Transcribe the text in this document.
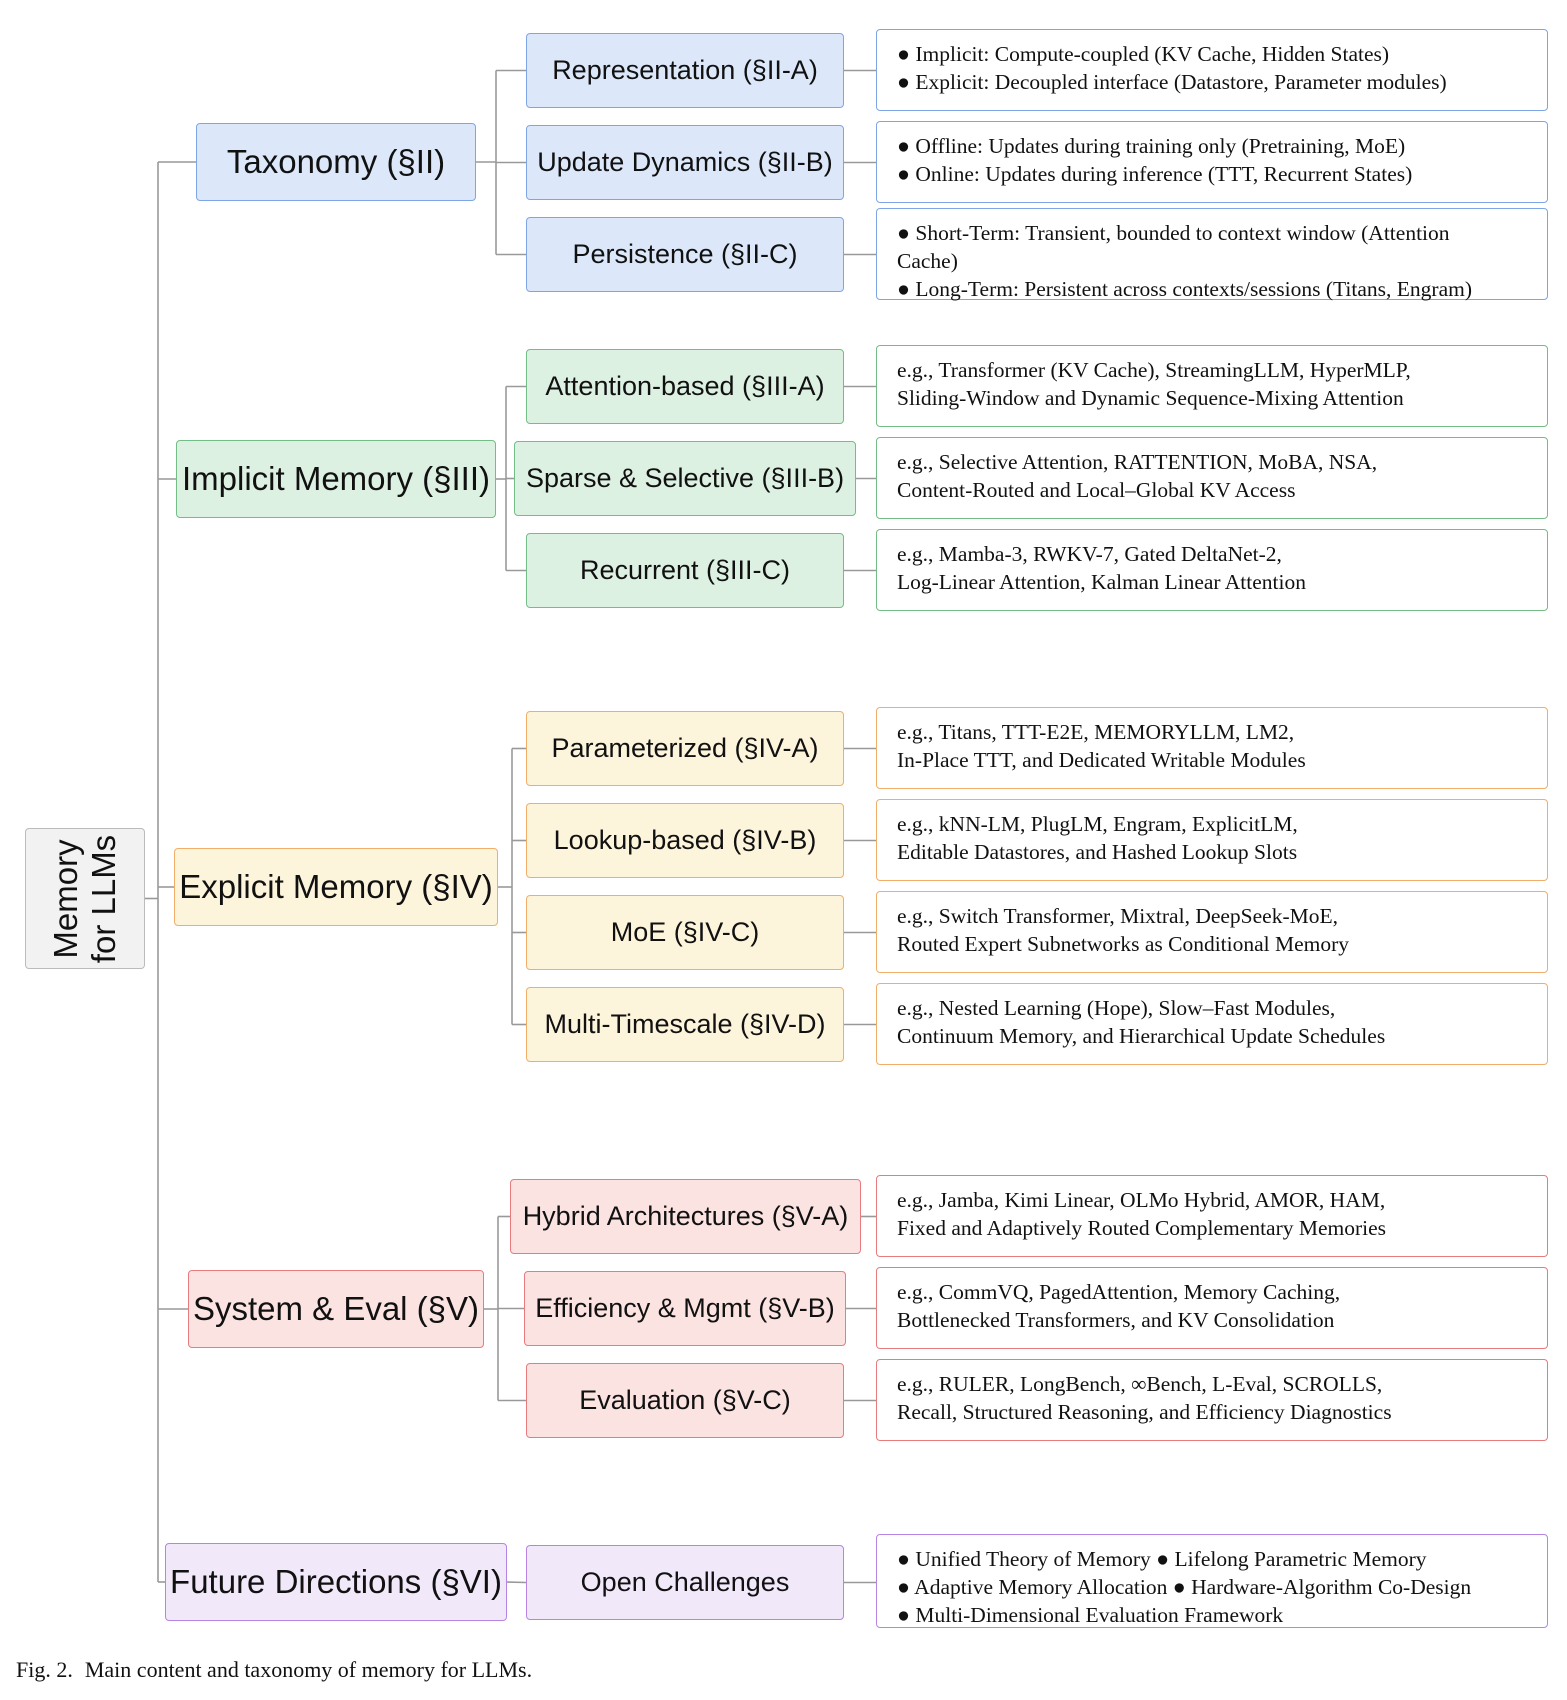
Memory for LLMs
Taxonomy (§II)
Implicit Memory (§III)
Explicit Memory (§IV)
System & Eval (§V)
Future Directions (§VI)
Representation (§II-A)
Update Dynamics (§II-B)
Persistence (§II-C)
Attention-based (§III-A)
Sparse & Selective (§III-B)
Recurrent (§III-C)
Parameterized (§IV-A)
Lookup-based (§IV-B)
MoE (§IV-C)
Multi-Timescale (§IV-D)
Hybrid Architectures (§V-A)
Efficiency & Mgmt (§V-B)
Evaluation (§V-C)
Open Challenges
● Implicit: Compute-coupled (KV Cache, Hidden States)
● Explicit: Decoupled interface (Datastore, Parameter modules)
● Offline: Updates during training only (Pretraining, MoE)
● Online: Updates during inference (TTT, Recurrent States)
● Short-Term: Transient, bounded to context window (Attention
Cache)
● Long-Term: Persistent across contexts/sessions (Titans, Engram)
e.g., Transformer (KV Cache), StreamingLLM, HyperMLP,
Sliding-Window and Dynamic Sequence-Mixing Attention
e.g., Selective Attention, RATTENTION, MoBA, NSA,
Content-Routed and Local–Global KV Access
e.g., Mamba-3, RWKV-7, Gated DeltaNet-2,
Log-Linear Attention, Kalman Linear Attention
e.g., Titans, TTT-E2E, MEMORYLLM, LM2,
In-Place TTT, and Dedicated Writable Modules
e.g., kNN-LM, PlugLM, Engram, ExplicitLM,
Editable Datastores, and Hashed Lookup Slots
e.g., Switch Transformer, Mixtral, DeepSeek-MoE,
Routed Expert Subnetworks as Conditional Memory
e.g., Nested Learning (Hope), Slow–Fast Modules,
Continuum Memory, and Hierarchical Update Schedules
e.g., Jamba, Kimi Linear, OLMo Hybrid, AMOR, HAM,
Fixed and Adaptively Routed Complementary Memories
e.g., CommVQ, PagedAttention, Memory Caching,
Bottlenecked Transformers, and KV Consolidation
e.g., RULER, LongBench, ∞Bench, L-Eval, SCROLLS,
Recall, Structured Reasoning, and Efficiency Diagnostics
● Unified Theory of Memory ● Lifelong Parametric Memory
● Adaptive Memory Allocation ● Hardware-Algorithm Co-Design
● Multi-Dimensional Evaluation Framework
Fig. 2. Main content and taxonomy of memory for LLMs.
